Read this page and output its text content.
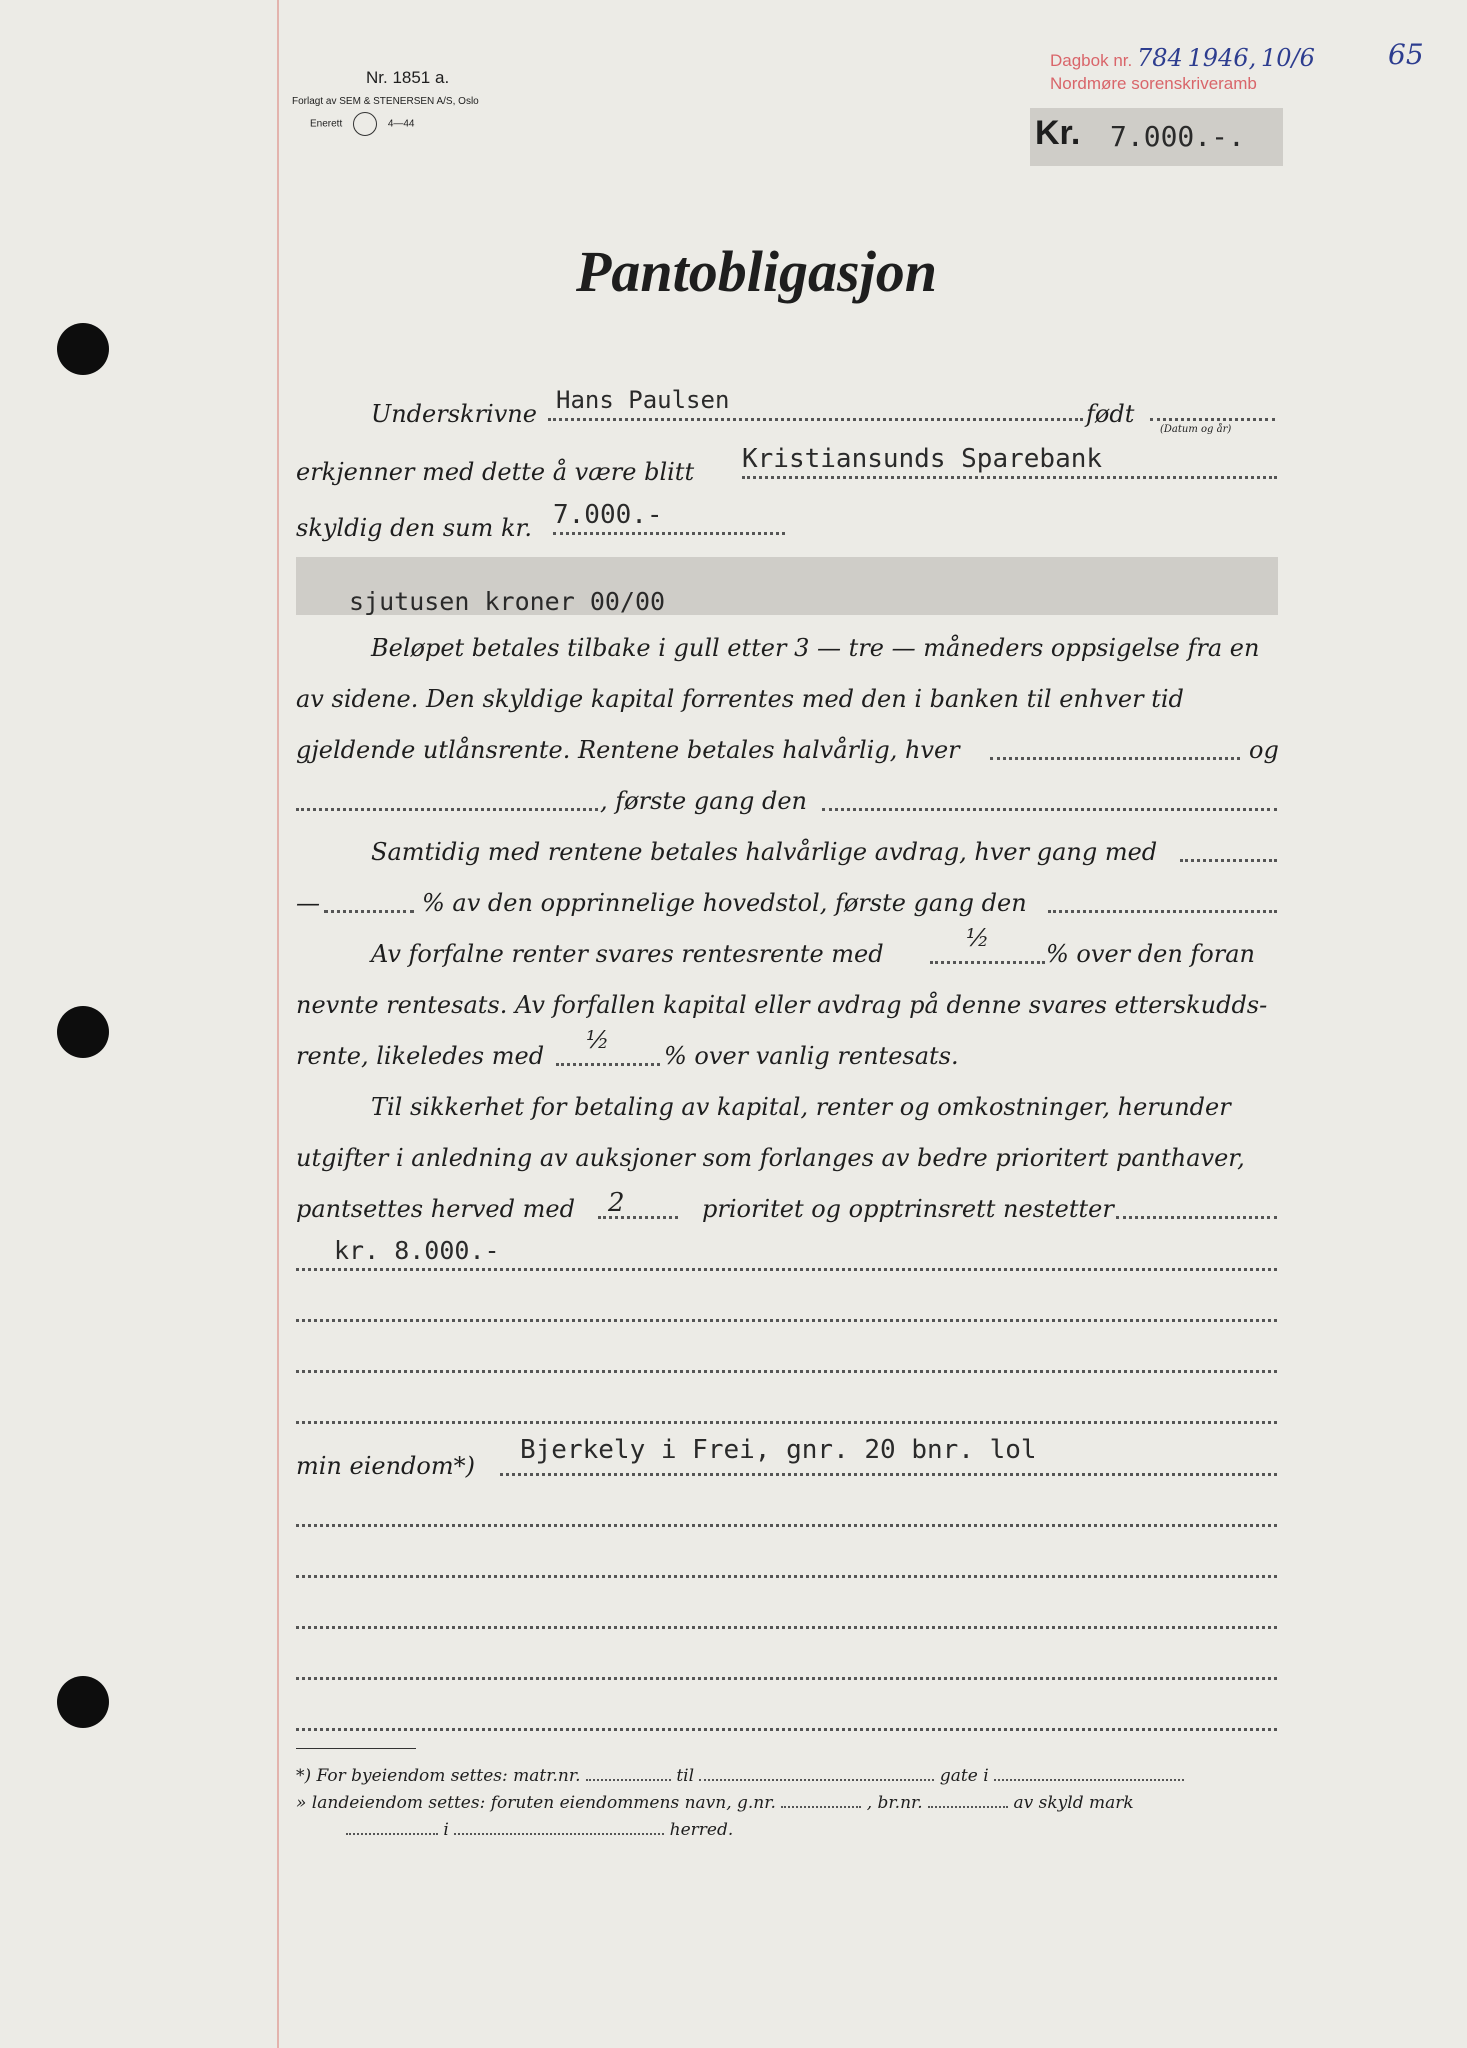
Dagbok nr. 784 1946, 10/6
Nordmøre sorenskriveramb
65
Nr. 1851 a.
Forlagt av SEM & STENERSEN A/S, Oslo
Enerett	4—44	Kr. 7.000.-.
Pantobligasjon
Underskrivne Hans Paulsen	født
(Datum og år)
erkjenner med dette å være blitt Kristiansunds Sparebank
skyldig den sum kr. 7.000.-
sjutusen kroner 00/00
Beløpet betales tilbake i gull etter 3 — tre — måneders oppsigelse fra en
av sidene. Den skyldige kapital forrentes med den i banken til enhver tid
gjeldende utlånsrente. Rentene betales halvårlig, hver	og
, første gang den
Samtidig med rentene betales halvårlige avdrag, hver gang med
—	% av den opprinnelige hovedstol, første gang den
Av forfalne renter svares rentesrente med
½
% over den foran
nevnte rentesats. Av forfallen kapital eller avdrag på denne svares etterskudds-
rente, likeledes med
½
% over vanlig rentesats.
Til sikkerhet for betaling av kapital, renter og omkostninger, herunder
utgifter i anledning av auksjoner som forlanges av bedre prioritert panthaver,
pantsettes herved med 2	prioritet og opptrinsrett nestetter
kr. 8.000.-
min eiendom*)
Bjerkely i Frei, gnr. 20 bnr. lol
*) For byeiendom settes: matr.nr.	til	gate i
» landeiendom settes: foruten eiendommens navn, g.nr.	, br.nr.	av skyld mark
i	herred.
